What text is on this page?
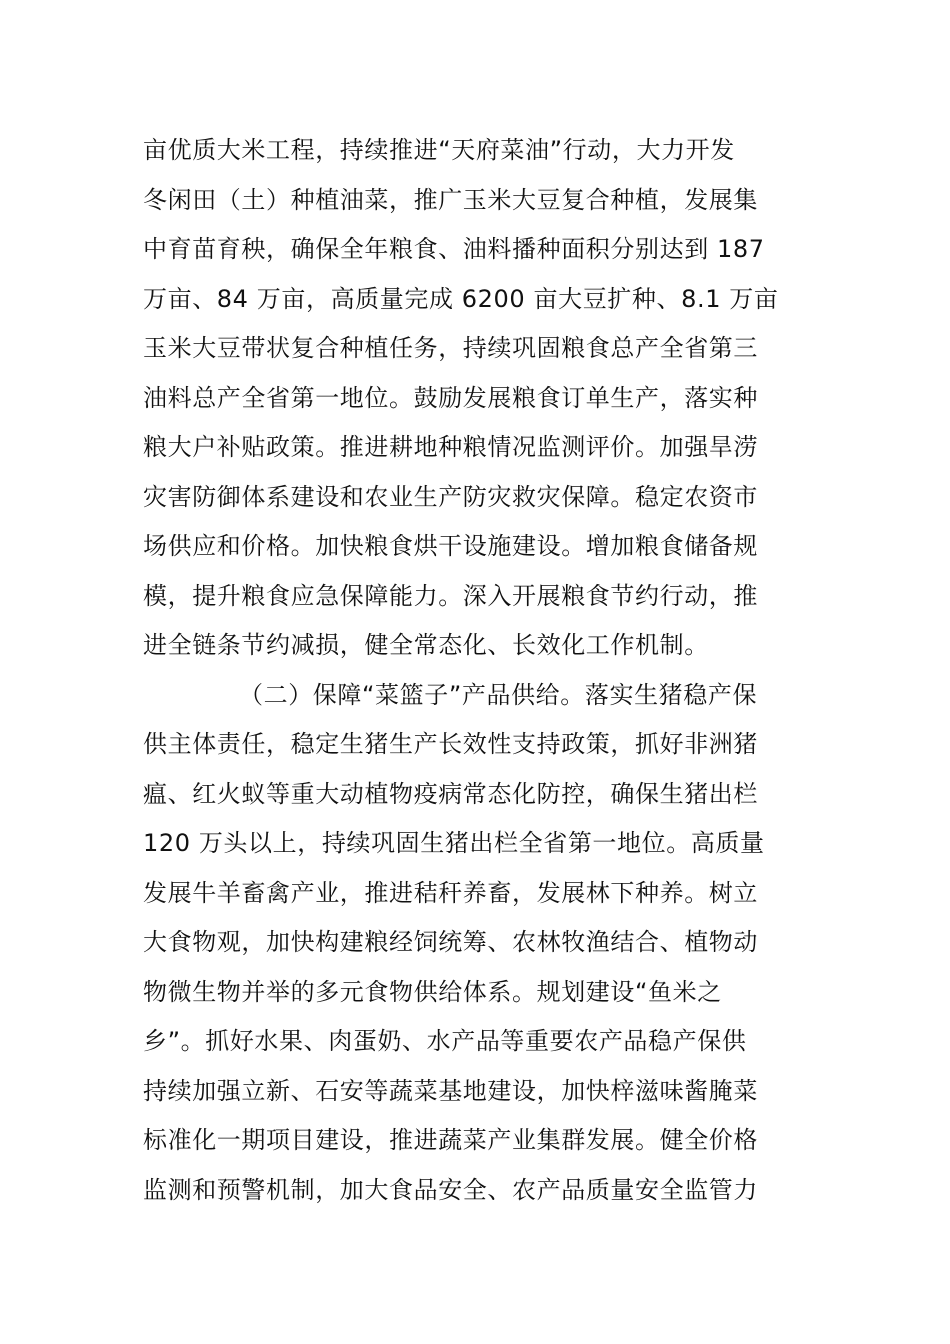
亩优质大米工程，持续推进“天府菜油”行动，大力开发
冬闲田（土）种植油菜，推广玉米大豆复合种植，发展集
中育苗育秧，确保全年粮食、油料播种面积分别达到 187
万亩、84 万亩，高质量完成 6200 亩大豆扩种、8.1 万亩
玉米大豆带状复合种植任务，持续巩固粮食总产全省第三
油料总产全省第一地位。鼓励发展粮食订单生产，落实种
粮大户补贴政策。推进耕地种粮情况监测评价。加强旱涝
灾害防御体系建设和农业生产防灾救灾保障。稳定农资市
场供应和价格。加快粮食烘干设施建设。增加粮食储备规
模，提升粮食应急保障能力。深入开展粮食节约行动，推
进全链条节约减损，健全常态化、长效化工作机制。
（二）保障“菜篮子”产品供给。落实生猪稳产保
供主体责任，稳定生猪生产长效性支持政策，抓好非洲猪
瘟、红火蚁等重大动植物疫病常态化防控，确保生猪出栏
120 万头以上，持续巩固生猪出栏全省第一地位。高质量
发展牛羊畜禽产业，推进秸秆养畜，发展林下种养。树立
大食物观，加快构建粮经饲统筹、农林牧渔结合、植物动
物微生物并举的多元食物供给体系。规划建设“鱼米之
乡”。抓好水果、肉蛋奶、水产品等重要农产品稳产保供
持续加强立新、石安等蔬菜基地建设，加快梓滋味酱腌菜
标准化一期项目建设，推进蔬菜产业集群发展。健全价格
监测和预警机制，加大食品安全、农产品质量安全监管力
